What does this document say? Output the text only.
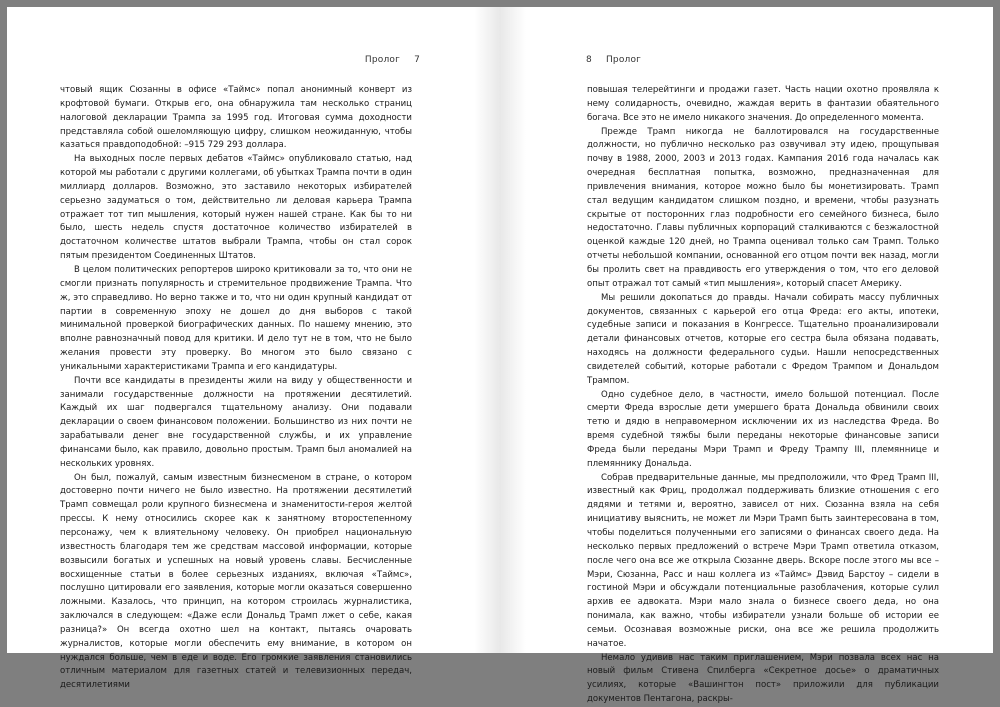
Пролог 7

чтовый ящик Сюзанны в офисе «Таймс» попал анонимный конверт из крофтовой бумаги. Открыв его, она обнаружила там несколько страниц налоговой декларации Трампа за 1995 год. Итоговая сумма доходности представляла собой ошеломляющую цифру, слишком неожиданную, чтобы казаться правдоподобной: –915 729 293 доллара.

На выходных после первых дебатов «Таймс» опубликовало статью, над которой мы работали с другими коллегами, об убытках Трампа почти в один миллиард долларов. Возможно, это заставило некоторых избирателей серьезно задуматься о том, действительно ли деловая карьера Трампа отражает тот тип мышления, который нужен нашей стране. Как бы то ни было, шесть недель спустя достаточное количество избирателей в достаточном количестве штатов выбрали Трампа, чтобы он стал сорок пятым президентом Соединенных Штатов.

В целом политических репортеров широко критиковали за то, что они не смогли признать популярность и стремительное продвижение Трампа. Что ж, это справедливо. Но верно также и то, что ни один крупный кандидат от партии в современную эпоху не дошел до дня выборов с такой минимальной проверкой биографических данных. По нашему мнению, это вполне равнозначный повод для критики. И дело тут не в том, что не было желания провести эту проверку. Во многом это было связано с уникальными характеристиками Трампа и его кандидатуры.

Почти все кандидаты в президенты жили на виду у общественности и занимали государственные должности на протяжении десятилетий. Каждый их шаг подвергался тщательному анализу. Они подавали декларации о своем финансовом положении. Большинство из них почти не зарабатывали денег вне государственной службы, и их управление финансами было, как правило, довольно простым. Трамп был аномалией на нескольких уровнях.

Он был, пожалуй, самым известным бизнесменом в стране, о котором достоверно почти ничего не было известно. На протяжении десятилетий Трамп совмещал роли крупного бизнесмена и знаменитости-героя желтой прессы. К нему относились скорее как к занятному второстепенному персонажу, чем к влиятельному человеку. Он приобрел национальную известность благодаря тем же средствам массовой информации, которые возвысили богатых и успешных на новый уровень славы. Бесчисленные восхищенные статьи в более серьезных изданиях, включая «Таймс», послушно цитировали его заявления, которые могли оказаться совершенно ложными. Казалось, что принцип, на котором строилась журналистика, заключался в следующем: «Даже если Дональд Трамп лжет о себе, какая разница?» Он всегда охотно шел на контакт, пытаясь очаровать журналистов, которые могли обеспечить ему внимание, в котором он нуждался больше, чем в еде и воде. Его громкие заявления становились отличным материалом для газетных статей и телевизионных передач, десятилетиями

8 Пролог

повышая телерейтинги и продажи газет. Часть нации охотно проявляла к нему солидарность, очевидно, жаждая верить в фантазии обаятельного богача. Все это не имело никакого значения. До определенного момента.

Прежде Трамп никогда не баллотировался на государственные должности, но публично несколько раз озвучивал эту идею, прощупывая почву в 1988, 2000, 2003 и 2013 годах. Кампания 2016 года началась как очередная бесплатная попытка, возможно, предназначенная для привлечения внимания, которое можно было бы монетизировать. Трамп стал ведущим кандидатом слишком поздно, и времени, чтобы разузнать скрытые от посторонних глаз подробности его семейного бизнеса, было недостаточно. Главы публичных корпораций сталкиваются с безжалостной оценкой каждые 120 дней, но Трампа оценивал только сам Трамп. Только отчеты небольшой компании, основанной его отцом почти век назад, могли бы пролить свет на правдивость его утверждения о том, что его деловой опыт отражал тот самый «тип мышления», который спасет Америку.

Мы решили докопаться до правды. Начали собирать массу публичных документов, связанных с карьерой его отца Фреда: его акты, ипотеки, судебные записи и показания в Конгрессе. Тщательно проанализировали детали финансовых отчетов, которые его сестра была обязана подавать, находясь на должности федерального судьи. Нашли непосредственных свидетелей событий, которые работали с Фредом Трампом и Дональдом Трампом.

Одно судебное дело, в частности, имело большой потенциал. После смерти Фреда взрослые дети умершего брата Дональда обвинили своих тетю и дядю в неправомерном исключении их из наследства Фреда. Во время судебной тяжбы были переданы некоторые финансовые записи Фреда были переданы Мэри Трамп и Фреду Трампу III, племяннице и племяннику Дональда.

Собрав предварительные данные, мы предположили, что Фред Трамп III, известный как Фриц, продолжал поддерживать близкие отношения с его дядями и тетями и, вероятно, зависел от них. Сюзанна взяла на себя инициативу выяснить, не может ли Мэри Трамп быть заинтересована в том, чтобы поделиться полученными его записями о финансах своего деда. На несколько первых предложений о встрече Мэри Трамп ответила отказом, после чего она все же открыла Сюзанне дверь. Вскоре после этого мы все – Мэри, Сюзанна, Расс и наш коллега из «Таймс» Дэвид Барстоу – сидели в гостиной Мэри и обсуждали потенциальные разоблачения, которые сулил архив ее адвоката. Мэри мало знала о бизнесе своего деда, но она понимала, как важно, чтобы избиратели узнали больше об истории ее семьи. Осознавая возможные риски, она все же решила продолжить начатое.

Немало удивив нас таким приглашением, Мэри позвала всех нас на новый фильм Стивена Спилберга «Секретное досье» о драматичных усилиях, которые «Вашингтон пост» приложили для публикации документов Пентагона, раскры-
